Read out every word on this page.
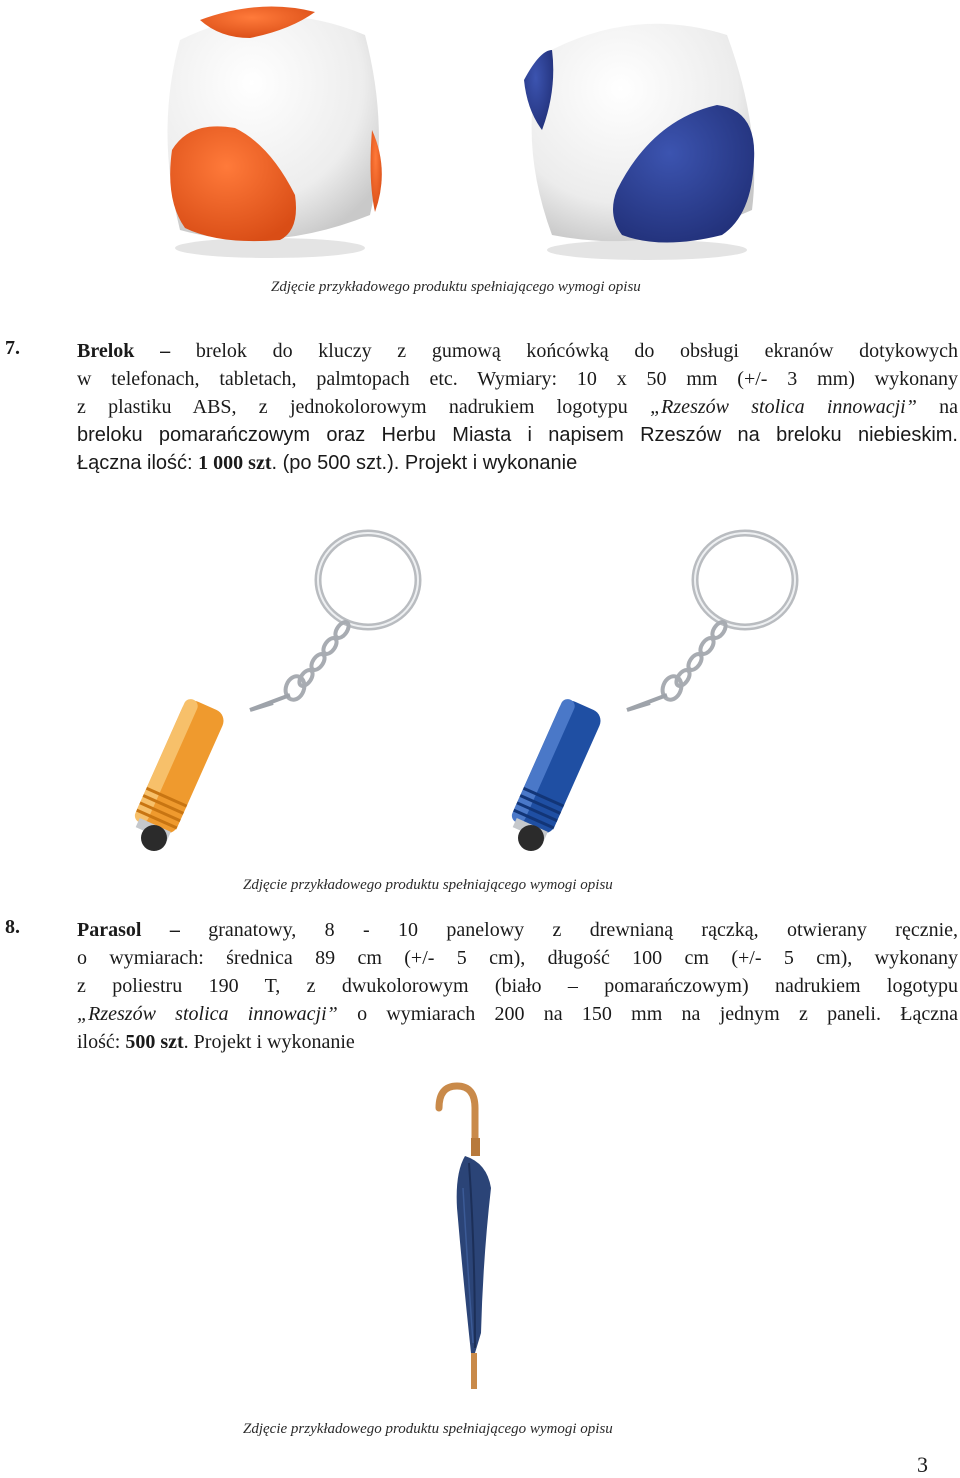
Zdjęcie przykładowego produktu spełniającego wymogi opisu
7.	Brelok – brelok do kluczy z gumową końcówką do obsługi ekranów dotykowych
w telefonach, tabletach, palmtopach etc. Wymiary: 10 x 50 mm (+/- 3 mm) wykonany
z plastiku ABS, z jednokolorowym nadrukiem logotypu „Rzeszów stolica innowacji” na
breloku pomarańczowym oraz Herbu Miasta i napisem Rzeszów na breloku niebieskim.
Łączna ilość: 1 000 szt. (po 500 szt.). Projekt i wykonanie
Zdjęcie przykładowego produktu spełniającego wymogi opisu
8.	Parasol – granatowy, 8 - 10 panelowy z drewnianą rączką, otwierany ręcznie,
o wymiarach: średnica 89 cm (+/- 5 cm), długość 100 cm (+/- 5 cm), wykonany
z poliestru 190 T, z dwukolorowym (biało – pomarańczowym) nadrukiem logotypu
„Rzeszów stolica innowacji” o wymiarach 200 na 150 mm na jednym z paneli. Łączna
ilość: 500 szt. Projekt i wykonanie
Zdjęcie przykładowego produktu spełniającego wymogi opisu
3
